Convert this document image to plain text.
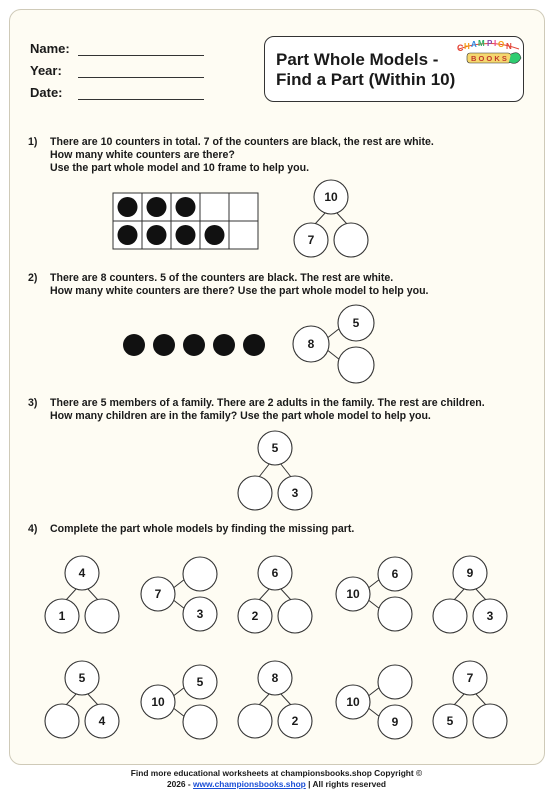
Name:
Year:
Date:
Part Whole Models -
Find a Part (Within 10)
C H A M P I O N
B O O K S
1) There are 10 counters in total. 7 of the counters are black, the rest are white.
How many white counters are there?
Use the part whole model and 10 frame to help you.
2) There are 8 counters. 5 of the counters are black. The rest are white.
How many white counters are there? Use the part whole model to help you.
3) There are 5 members of a family. There are 2 adults in the family. The rest are children.
How many children are in the family? Use the part whole model to help you.
4) Complete the part whole models by finding the missing part.
10
7
8
5
5
3
4
1
7
3
6
2
10
6	9
3
5
4
10
5	8
2
10
9
7
5
Find more educational worksheets at championsbooks.shop Copyright ©
2026 - www.championsbooks.shop | All rights reserved
